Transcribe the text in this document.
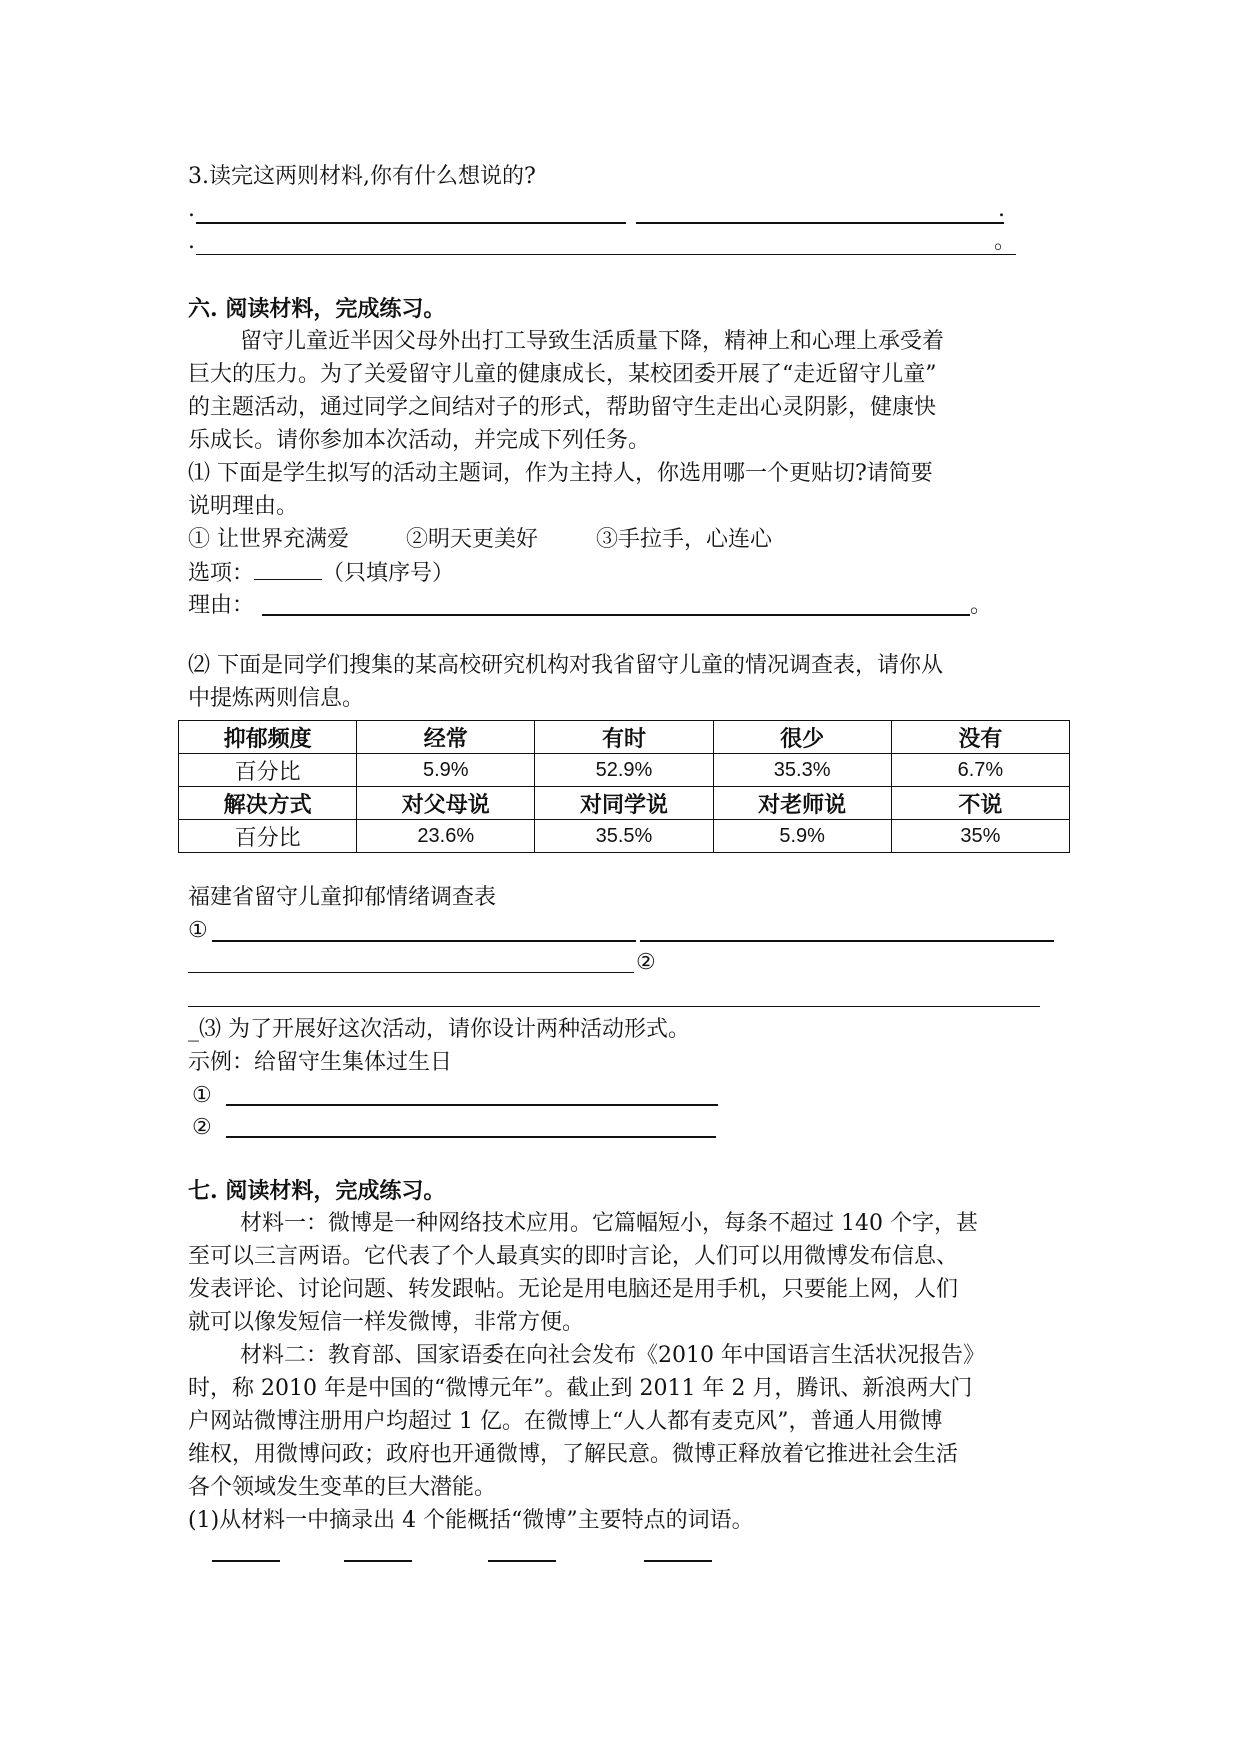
3.读完这两则材料,你有什么想说的?
.	.
.	。
六. 阅读材料，完成练习。
留守儿童近半因父母外出打工导致生活质量下降，精神上和心理上承受着
巨大的压力。为了关爱留守儿童的健康成长，某校团委开展了“走近留守儿童”
的主题活动，通过同学之间结对子的形式，帮助留守生走出心灵阴影，健康快
乐成长。请你参加本次活动，并完成下列任务。
⑴ 下面是学生拟写的活动主题词，作为主持人，你选用哪一个更贴切?请简要
说明理由。
① 让世界充满爱	②明天更美好	③手拉手，心连心
选项：	（只填序号）
理由：	。
⑵ 下面是同学们搜集的某高校研究机构对我省留守儿童的情况调查表，请你从
中提炼两则信息。
抑郁频度	经常	有时	很少	没有
百分比	5.9%	52.9%	35.3%	6.7%
解决方式	对父母说	对同学说	对老师说	不说
百分比	23.6%	35.5%	5.9%	35%
福建省留守儿童抑郁情绪调查表
①
②
_⑶ 为了开展好这次活动，请你设计两种活动形式。
示例：给留守生集体过生日
①
②
七. 阅读材料，完成练习。
材料一：微博是一种网络技术应用。它篇幅短小，每条不超过 140 个字，甚
至可以三言两语。它代表了个人最真实的即时言论，人们可以用微博发布信息、
发表评论、讨论问题、转发跟帖。无论是用电脑还是用手机，只要能上网，人们
就可以像发短信一样发微博，非常方便。
材料二：教育部、国家语委在向社会发布《2010 年中国语言生活状况报告》
时，称 2010 年是中国的“微博元年”。截止到 2011 年 2 月，腾讯、新浪两大门
户网站微博注册用户均超过 1 亿。在微博上“人人都有麦克风”，普通人用微博
维权，用微博问政；政府也开通微博，了解民意。微博正释放着它推进社会生活
各个领域发生变革的巨大潜能。
(1)从材料一中摘录出 4 个能概括“微博”主要特点的词语。
